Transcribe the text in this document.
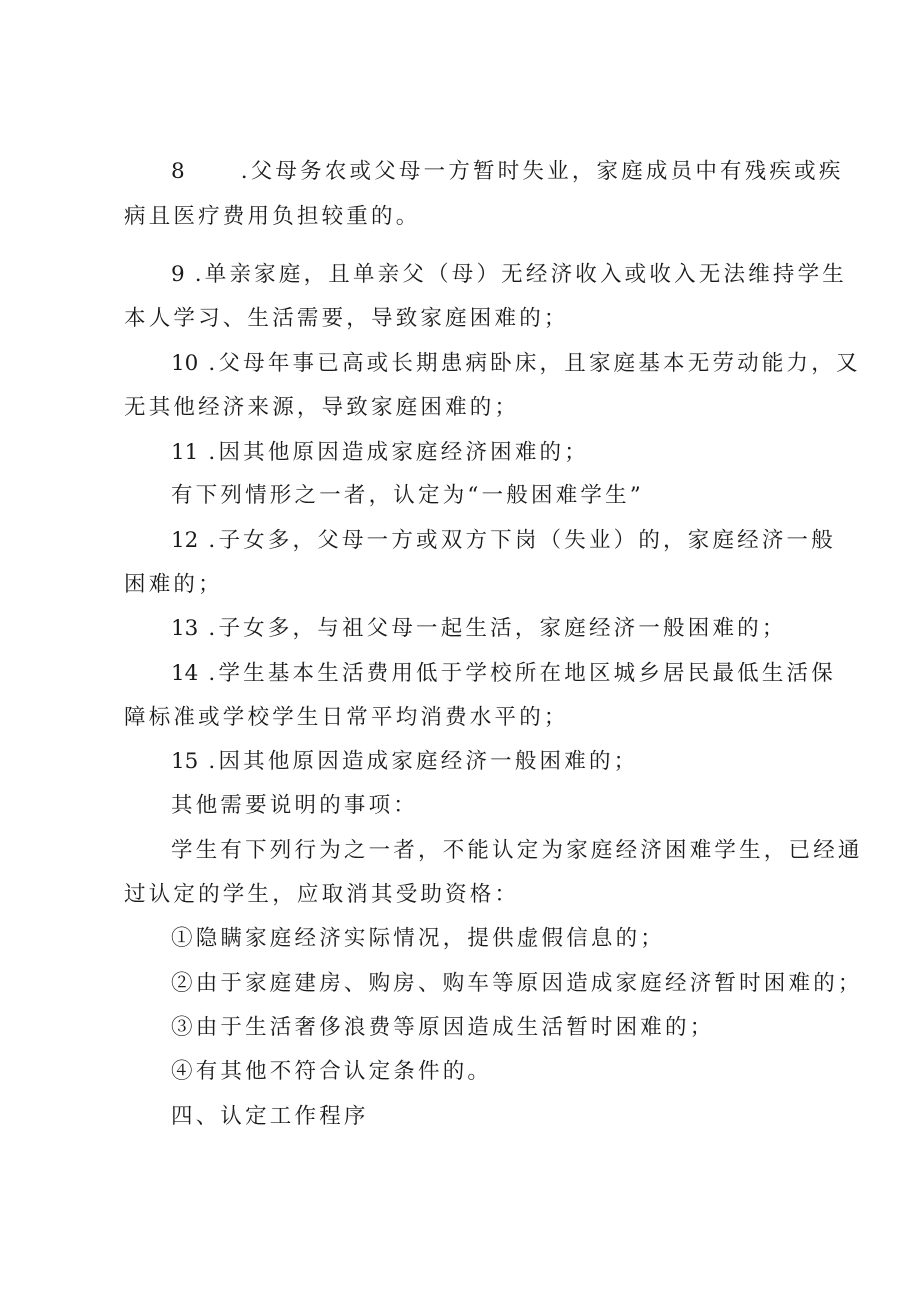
8	.父母务农或父母一方暂时失业，家庭成员中有残疾或疾
病且医疗费用负担较重的。
9 .单亲家庭，且单亲父（母）无经济收入或收入无法维持学生
本人学习、生活需要，导致家庭困难的；
10 .父母年事已高或长期患病卧床，且家庭基本无劳动能力，又
无其他经济来源，导致家庭困难的；
11 .因其他原因造成家庭经济困难的；
有下列情形之一者，认定为“一般困难学生”
12 .子女多，父母一方或双方下岗（失业）的，家庭经济一般
困难的；
13 .子女多，与祖父母一起生活，家庭经济一般困难的；
14 .学生基本生活费用低于学校所在地区城乡居民最低生活保
障标准或学校学生日常平均消费水平的；
15 .因其他原因造成家庭经济一般困难的；
其他需要说明的事项：
学生有下列行为之一者，不能认定为家庭经济困难学生，已经通
过认定的学生，应取消其受助资格：
①隐瞒家庭经济实际情况，提供虚假信息的；
②由于家庭建房、购房、购车等原因造成家庭经济暂时困难的；
③由于生活奢侈浪费等原因造成生活暂时困难的；
④有其他不符合认定条件的。
四、认定工作程序
